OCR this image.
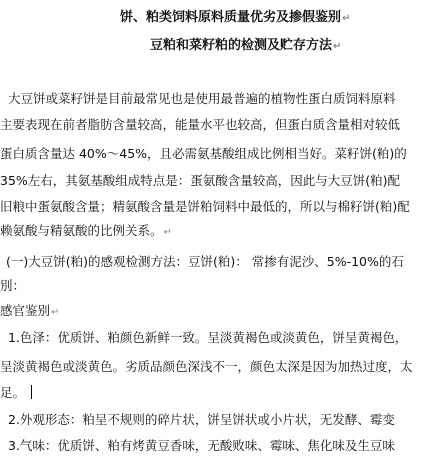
饼、粕类饲料原料质量优劣及掺假鉴别↵
豆粕和菜籽粕的检测及贮存方法↵
大豆饼或菜籽饼是目前最常见也是使用最普遍的植物性蛋白质饲料原料
主要表现在前者脂肪含量较高，能量水平也较高，但蛋白质含量相对较低
蛋白质含量达 40%～45%，且必需氨基酸组成比例相当好。菜籽饼(粕)的
35%左右，其氨基酸组成特点是：蛋氨酸含量较高，因此与大豆饼(粕)配
旧粮中蛋氨酸含量；精氨酸含量是饼粕饲料中最低的，所以与棉籽饼(粕)配
赖氨酸与精氨酸的比例关系。↵
(一)大豆饼(粕)的感观检测方法：豆饼(粕)： 常掺有泥沙、5%-10%的石
別：
感官鉴别↵
1.色泽：优质饼、粕颜色新鲜一致。呈淡黄褐色或淡黄色，饼呈黄褐色，
呈淡黄褐色或淡黄色。劣质品颜色深浅不一，颜色太深是因为加热过度，太
足。
2.外观形态：粕呈不规则的碎片状，饼呈饼状或小片状，无发酵、霉变
3.气味：优质饼、粕有烤黄豆香味，无酸败味、霉味、焦化味及生豆味
